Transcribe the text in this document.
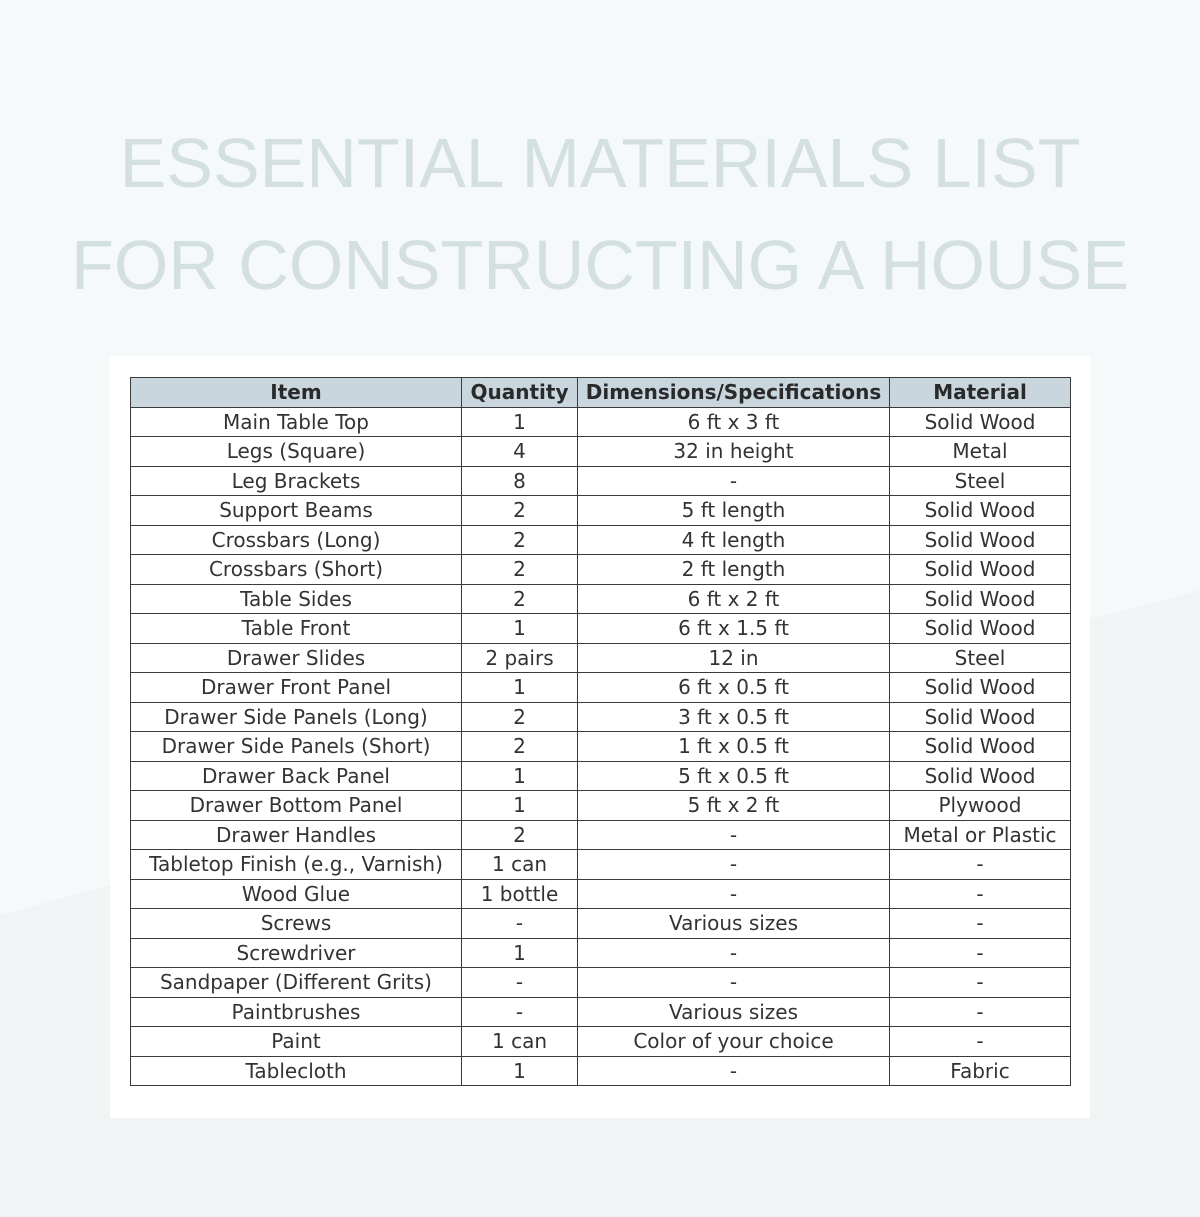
ESSENTIAL MATERIALS LIST
FOR CONSTRUCTING A HOUSE
Item	Quantity	Dimensions/Specifications	Material
Main Table Top	1	6 ft x 3 ft	Solid Wood
Legs (Square)	4	32 in height	Metal
Leg Brackets	8	-	Steel
Support Beams	2	5 ft length	Solid Wood
Crossbars (Long)	2	4 ft length	Solid Wood
Crossbars (Short)	2	2 ft length	Solid Wood
Table Sides	2	6 ft x 2 ft	Solid Wood
Table Front	1	6 ft x 1.5 ft	Solid Wood
Drawer Slides	2 pairs	12 in	Steel
Drawer Front Panel	1	6 ft x 0.5 ft	Solid Wood
Drawer Side Panels (Long)	2	3 ft x 0.5 ft	Solid Wood
Drawer Side Panels (Short)	2	1 ft x 0.5 ft	Solid Wood
Drawer Back Panel	1	5 ft x 0.5 ft	Solid Wood
Drawer Bottom Panel	1	5 ft x 2 ft	Plywood
Drawer Handles	2	-	Metal or Plastic
Tabletop Finish (e.g., Varnish)	1 can	-	-
Wood Glue	1 bottle	-	-
Screws	-	Various sizes	-
Screwdriver	1	-	-
Sandpaper (Different Grits)	-	-	-
Paintbrushes	-	Various sizes	-
Paint	1 can	Color of your choice	-
Tablecloth	1	-	Fabric
